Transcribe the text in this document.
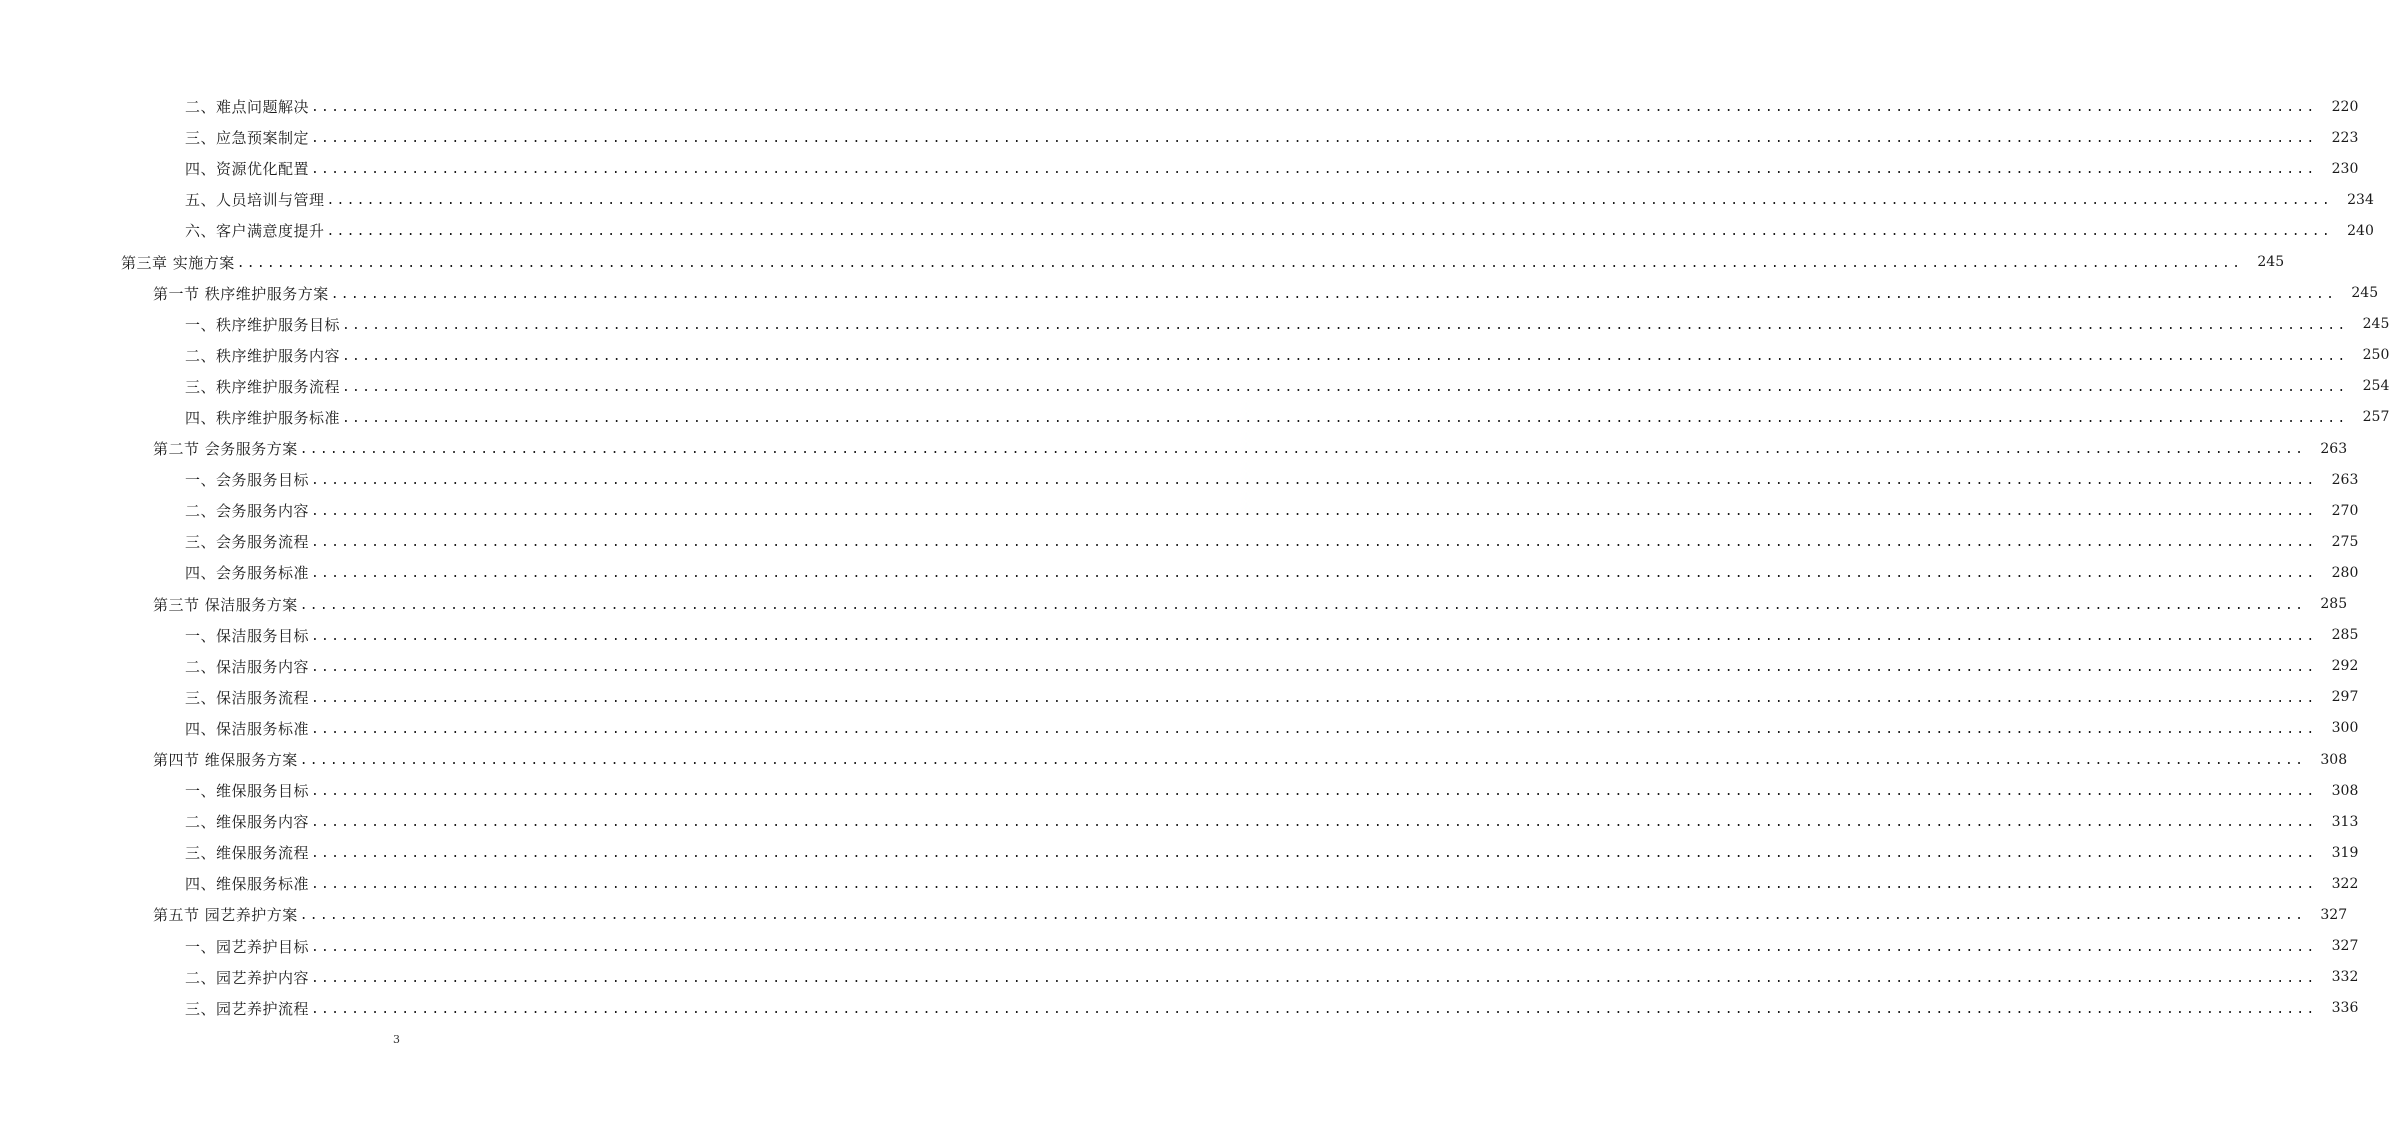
二、难点问题解决 ........................................................................................................................................................................................................	220
三、应急预案制定 ........................................................................................................................................................................................................	223
四、资源优化配置 ........................................................................................................................................................................................................	230
五、人员培训与管理 ........................................................................................................................................................................................................	234
六、客户满意度提升 ........................................................................................................................................................................................................	240
第三章 实施方案 ........................................................................................................................................................................................................	245
第一节 秩序维护服务方案 ........................................................................................................................................................................................................	245
一、秩序维护服务目标 ........................................................................................................................................................................................................	245
二、秩序维护服务内容 ........................................................................................................................................................................................................	250
三、秩序维护服务流程 ........................................................................................................................................................................................................	254
四、秩序维护服务标准 ........................................................................................................................................................................................................	257
第二节 会务服务方案 ........................................................................................................................................................................................................	263
一、会务服务目标 ........................................................................................................................................................................................................	263
二、会务服务内容 ........................................................................................................................................................................................................	270
三、会务服务流程 ........................................................................................................................................................................................................	275
四、会务服务标准 ........................................................................................................................................................................................................	280
第三节 保洁服务方案 ........................................................................................................................................................................................................	285
一、保洁服务目标 ........................................................................................................................................................................................................	285
二、保洁服务内容 ........................................................................................................................................................................................................	292
三、保洁服务流程 ........................................................................................................................................................................................................	297
四、保洁服务标准 ........................................................................................................................................................................................................	300
第四节 维保服务方案 ........................................................................................................................................................................................................	308
一、维保服务目标 ........................................................................................................................................................................................................	308
二、维保服务内容 ........................................................................................................................................................................................................	313
三、维保服务流程 ........................................................................................................................................................................................................	319
四、维保服务标准 ........................................................................................................................................................................................................	322
第五节 园艺养护方案 ........................................................................................................................................................................................................	327
一、园艺养护目标 ........................................................................................................................................................................................................	327
二、园艺养护内容 ........................................................................................................................................................................................................	332
三、园艺养护流程 ........................................................................................................................................................................................................	336
3
